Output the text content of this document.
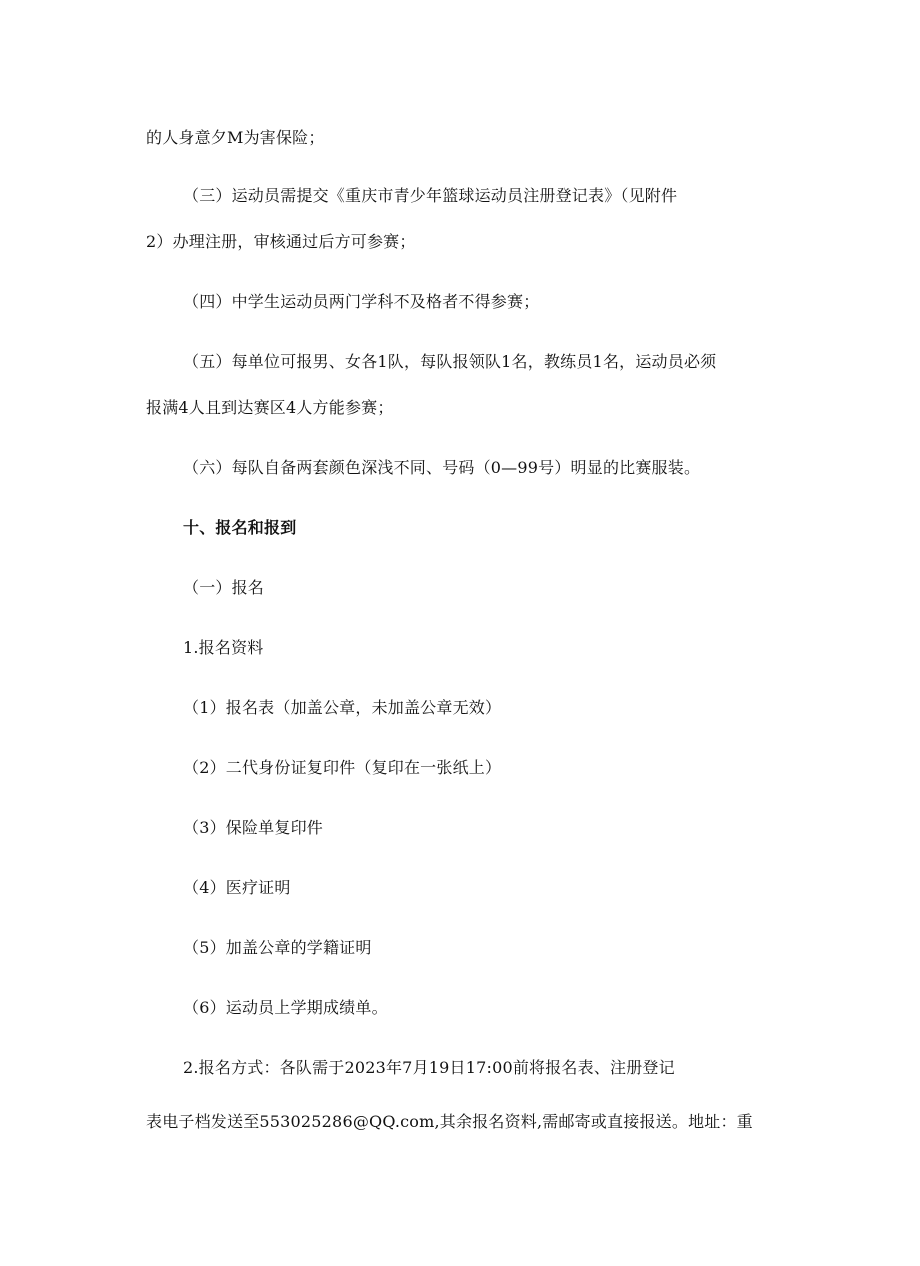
的人身意夕M为害保险；

（三）运动员需提交《重庆市青少年篮球运动员注册登记表》（见附件

2）办理注册，审核通过后方可参赛；

（四）中学生运动员两门学科不及格者不得参赛；

（五）每单位可报男、女各1队，每队报领队1名，教练员1名，运动员必须

报满4人且到达赛区4人方能参赛；

（六）每队自备两套颜色深浅不同、号码（0—99号）明显的比赛服装。

十、报名和报到

（一）报名

1.报名资料

（1）报名表（加盖公章，未加盖公章无效）

（2）二代身份证复印件（复印在一张纸上）

（3）保险单复印件

（4）医疗证明

（5）加盖公章的学籍证明

（6）运动员上学期成绩单。

2.报名方式：各队需于2023年7月19日17:00前将报名表、注册登记

表电子档发送至553025286@QQ.com,其余报名资料,需邮寄或直接报送。地址：重
